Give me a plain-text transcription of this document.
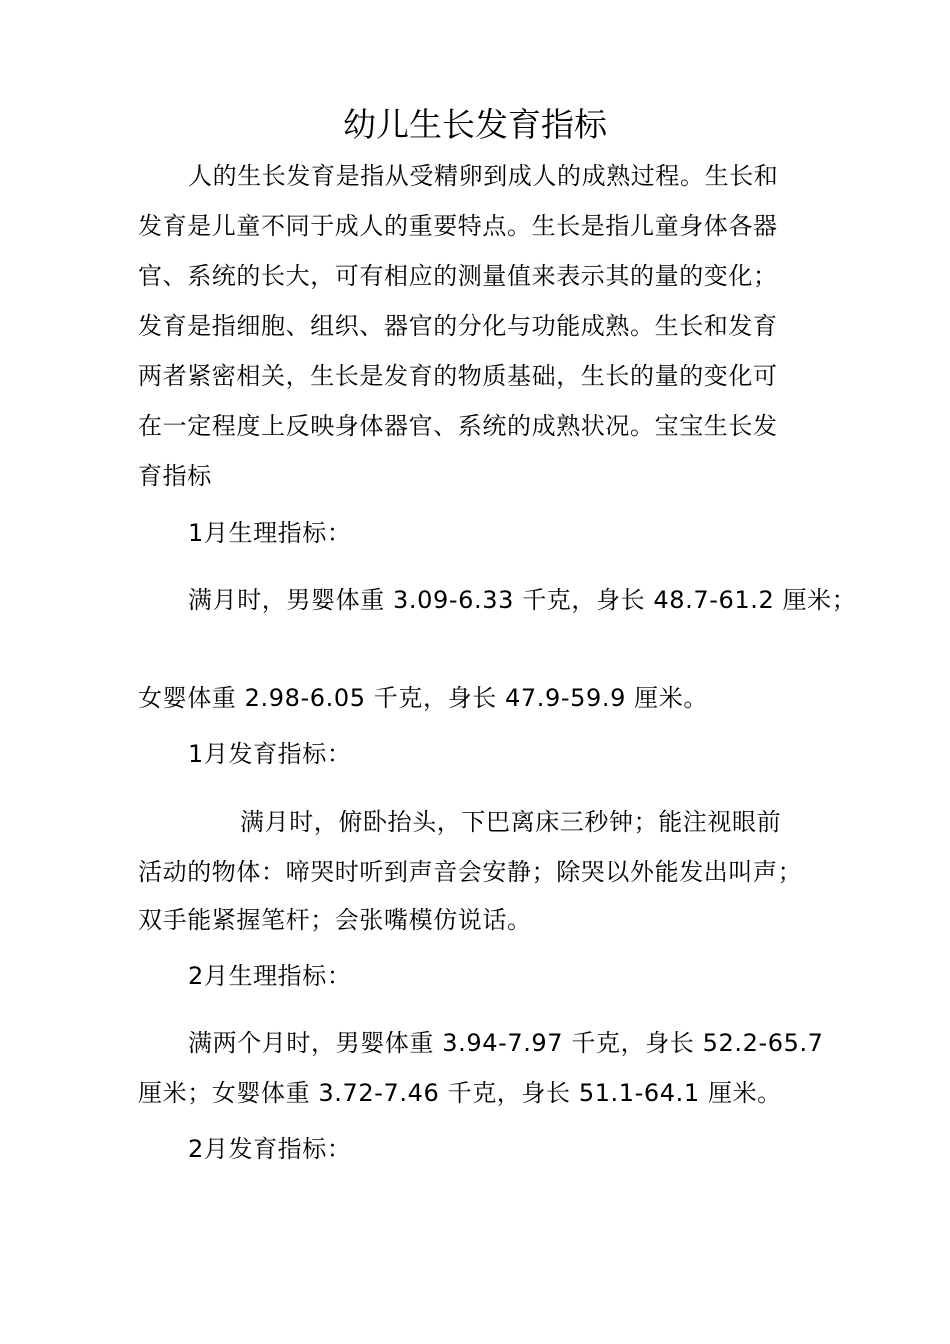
幼儿生长发育指标
人的生长发育是指从受精卵到成人的成熟过程。生长和
发育是儿童不同于成人的重要特点。生长是指儿童身体各器
官、系统的长大，可有相应的测量值来表示其的量的变化；
发育是指细胞、组织、器官的分化与功能成熟。生长和发育
两者紧密相关，生长是发育的物质基础，生长的量的变化可
在一定程度上反映身体器官、系统的成熟状况。宝宝生长发
育指标
1月生理指标：
满月时，男婴体重 3.09-6.33 千克，身长 48.7-61.2 厘米；
女婴体重 2.98-6.05 千克，身长 47.9-59.9 厘米。
1月发育指标：
满月时，俯卧抬头，下巴离床三秒钟；能注视眼前
活动的物体：啼哭时听到声音会安静；除哭以外能发出叫声；
双手能紧握笔杆；会张嘴模仿说话。
2月生理指标：
满两个月时，男婴体重 3.94-7.97 千克，身长 52.2-65.7
厘米；女婴体重 3.72-7.46 千克，身长 51.1-64.1 厘米。
2月发育指标：
